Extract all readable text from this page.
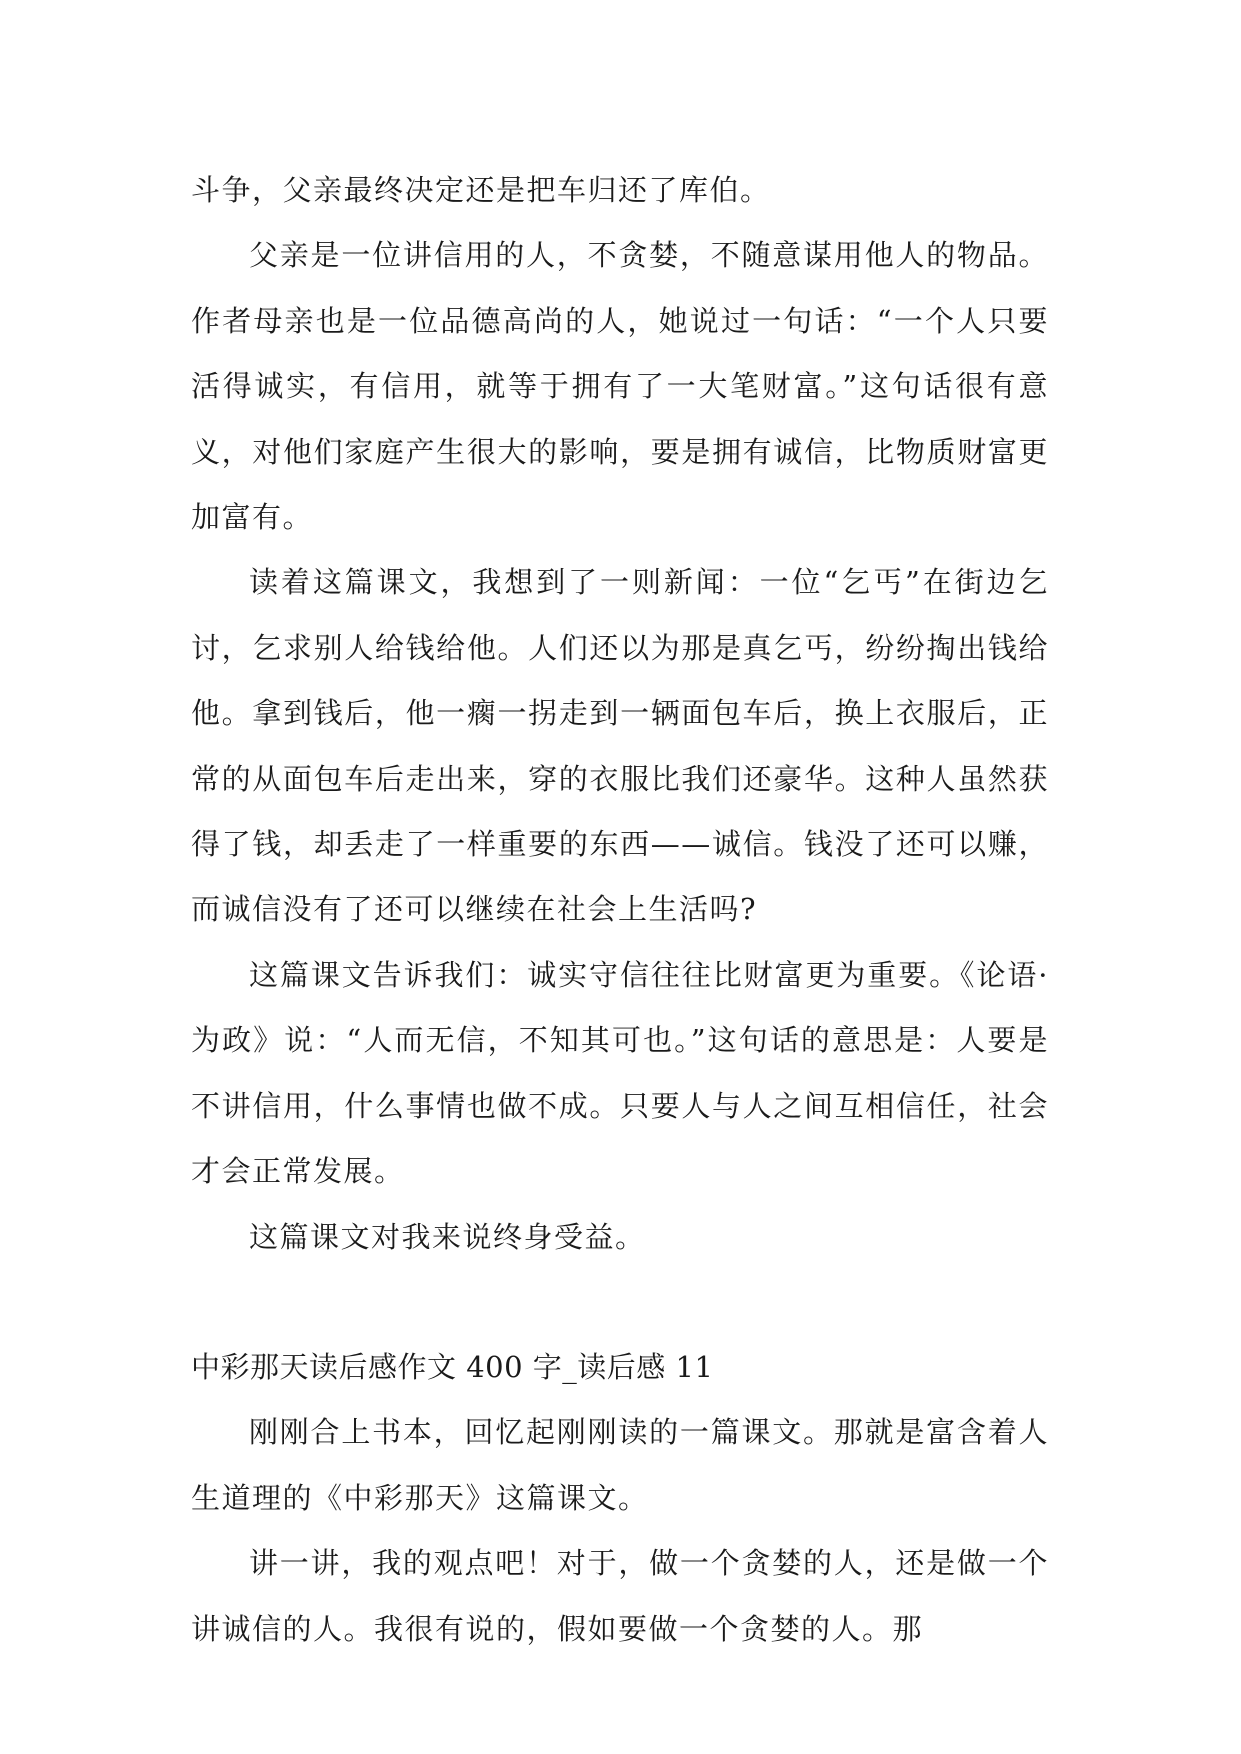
斗争，父亲最终决定还是把车归还了库伯。

父亲是一位讲信用的人，不贪婪，不随意谋用他人的物品。作者母亲也是一位品德高尚的人，她说过一句话：“一个人只要活得诚实，有信用，就等于拥有了一大笔财富。”这句话很有意义，对他们家庭产生很大的影响，要是拥有诚信，比物质财富更加富有。

读着这篇课文，我想到了一则新闻：一位“乞丐”在街边乞讨，乞求别人给钱给他。人们还以为那是真乞丐，纷纷掏出钱给他。拿到钱后，他一瘸一拐走到一辆面包车后，换上衣服后，正常的从面包车后走出来，穿的衣服比我们还豪华。这种人虽然获得了钱，却丢走了一样重要的东西——诚信。钱没了还可以赚，而诚信没有了还可以继续在社会上生活吗?

这篇课文告诉我们：诚实守信往往比财富更为重要。《论语·为政》说：“人而无信，不知其可也。”这句话的意思是：人要是不讲信用，什么事情也做不成。只要人与人之间互相信任，社会才会正常发展。

这篇课文对我来说终身受益。

中彩那天读后感作文 400 字_读后感 11

刚刚合上书本，回忆起刚刚读的一篇课文。那就是富含着人生道理的《中彩那天》这篇课文。

讲一讲，我的观点吧！对于，做一个贪婪的人，还是做一个讲诚信的人。我很有说的，假如要做一个贪婪的人。那
